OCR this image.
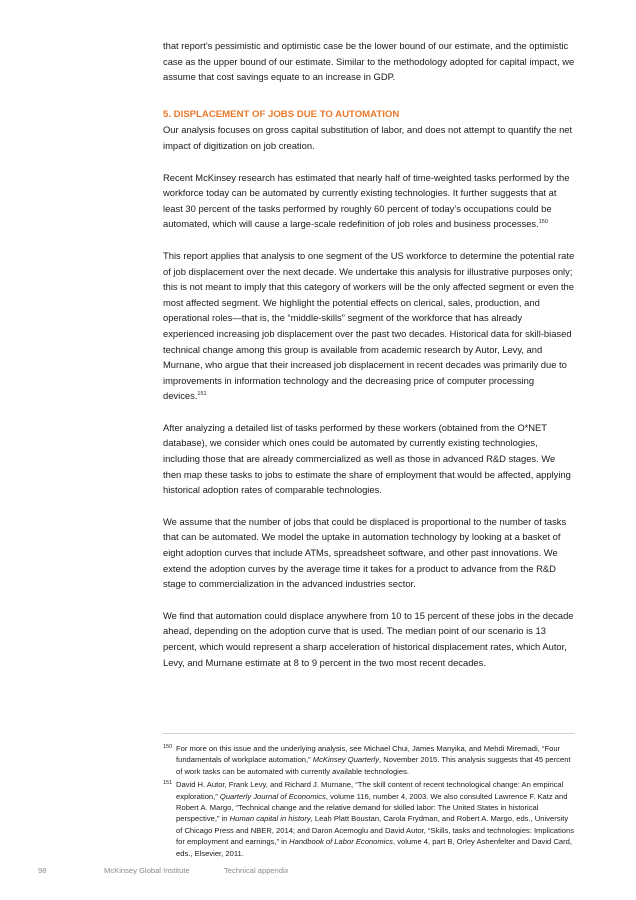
that report’s pessimistic and optimistic case be the lower bound of our estimate, and the optimistic case as the upper bound of our estimate. Similar to the methodology adopted for capital impact, we assume that cost savings equate to an increase in GDP.

5. DISPLACEMENT OF JOBS DUE TO AUTOMATION

Our analysis focuses on gross capital substitution of labor, and does not attempt to quantify the net impact of digitization on job creation.

Recent McKinsey research has estimated that nearly half of time-weighted tasks performed by the workforce today can be automated by currently existing technologies. It further suggests that at least 30 percent of the tasks performed by roughly 60 percent of today’s occupations could be automated, which will cause a large-scale redefinition of job roles and business processes.$^{150}$

This report applies that analysis to one segment of the US workforce to determine the potential rate of job displacement over the next decade. We undertake this analysis for illustrative purposes only; this is not meant to imply that this category of workers will be the only affected segment or even the most affected segment. We highlight the potential effects on clerical, sales, production, and operational roles—that is, the “middle-skills” segment of the workforce that has already experienced increasing job displacement over the past two decades. Historical data for skill-biased technical change among this group is available from academic research by Autor, Levy, and Murnane, who argue that their increased job displacement in recent decades was primarily due to improvements in information technology and the decreasing price of computer processing devices.$^{151}$

After analyzing a detailed list of tasks performed by these workers (obtained from the O*NET database), we consider which ones could be automated by currently existing technologies, including those that are already commercialized as well as those in advanced R&D stages. We then map these tasks to jobs to estimate the share of employment that would be affected, applying historical adoption rates of comparable technologies.

We assume that the number of jobs that could be displaced is proportional to the number of tasks that can be automated. We model the uptake in automation technology by looking at a basket of eight adoption curves that include ATMs, spreadsheet software, and other past innovations. We extend the adoption curves by the average time it takes for a product to advance from the R&D stage to commercialization in the advanced industries sector.

We find that automation could displace anywhere from 10 to 15 percent of these jobs in the decade ahead, depending on the adoption curve that is used. The median point of our scenario is 13 percent, which would represent a sharp acceleration of historical displacement rates, which Autor, Levy, and Murnane estimate at 8 to 9 percent in the two most recent decades.

150 For more on this issue and the underlying analysis, see Michael Chui, James Manyika, and Mehdi Miremadi, “Four fundamentals of workplace automation,” McKinsey Quarterly, November 2015. This analysis suggests that 45 percent of work tasks can be automated with currently available technologies.
151 David H. Autor, Frank Levy, and Richard J. Murnane, “The skill content of recent technological change: An empirical exploration,” Quarterly Journal of Economics, volume 116, number 4, 2003. We also consulted Lawrence F. Katz and Robert A. Margo, “Technical change and the relative demand for skilled labor: The United States in historical perspective,” in Human capital in history, Leah Platt Boustan, Carola Frydman, and Robert A. Margo, eds., University of Chicago Press and NBER, 2014; and Daron Acemoglu and David Autor, “Skills, tasks and technologies: Implications for employment and earnings,” in Handbook of Labor Economics, volume 4, part B, Orley Ashenfelter and David Card, eds., Elsevier, 2011.
98	McKinsey Global Institute	Technical appendix
